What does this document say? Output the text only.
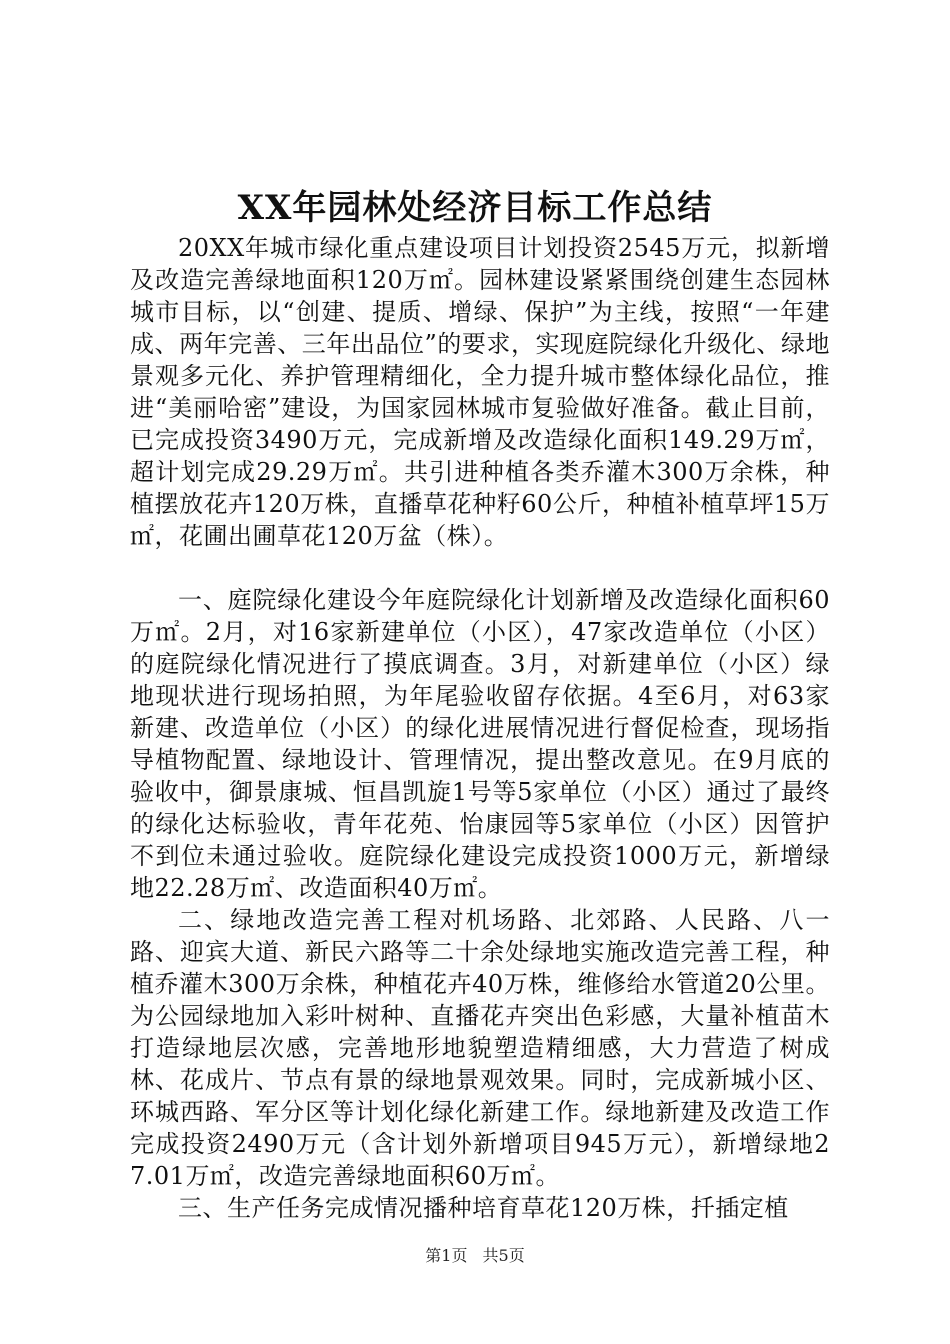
XX年园林处经济目标工作总结

20XX年城市绿化重点建设项目计划投资2545万元，拟新增及改造完善绿地面积120万㎡。园林建设紧紧围绕创建生态园林城市目标，以“创建、提质、增绿、保护”为主线，按照“一年建成、两年完善、三年出品位”的要求，实现庭院绿化升级化、绿地景观多元化、养护管理精细化，全力提升城市整体绿化品位，推进“美丽哈密”建设，为国家园林城市复验做好准备。截止目前，已完成投资3490万元，完成新增及改造绿化面积149.29万㎡，超计划完成29.29万㎡。共引进种植各类乔灌木300万余株，种植摆放花卉120万株，直播草花种籽60公斤，种植补植草坪15万㎡，花圃出圃草花120万盆（株）。

一、庭院绿化建设今年庭院绿化计划新增及改造绿化面积60万㎡。2月，对16家新建单位（小区），47家改造单位（小区）的庭院绿化情况进行了摸底调查。3月，对新建单位（小区）绿地现状进行现场拍照，为年尾验收留存依据。4至6月，对63家新建、改造单位（小区）的绿化进展情况进行督促检查，现场指导植物配置、绿地设计、管理情况，提出整改意见。在9月底的验收中，御景康城、恒昌凯旋1号等5家单位（小区）通过了最终的绿化达标验收，青年花苑、怡康园等5家单位（小区）因管护不到位未通过验收。庭院绿化建设完成投资1000万元，新增绿地22.28万㎡、改造面积40万㎡。

二、绿地改造完善工程对机场路、北郊路、人民路、八一路、迎宾大道、新民六路等二十余处绿地实施改造完善工程，种植乔灌木300万余株，种植花卉40万株，维修给水管道20公里。为公园绿地加入彩叶树种、直播花卉突出色彩感，大量补植苗木打造绿地层次感，完善地形地貌塑造精细感，大力营造了树成林、花成片、节点有景的绿地景观效果。同时，完成新城小区、环城西路、军分区等计划化绿化新建工作。绿地新建及改造工作完成投资2490万元（含计划外新增项目945万元），新增绿地27.01万㎡，改造完善绿地面积60万㎡。

三、生产任务完成情况播种培育草花120万株，扦插定植

第1页 共5页
